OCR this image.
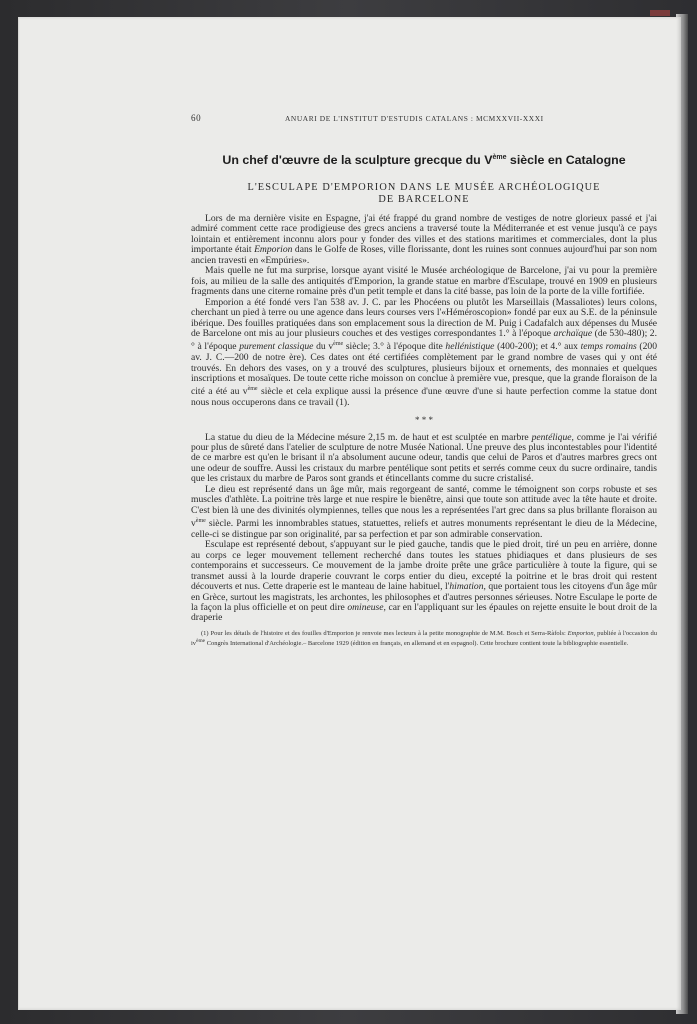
60	ANUARI DE L'INSTITUT D'ESTUDIS CATALANS : MCMXXVII-XXXI
Un chef d'œuvre de la sculpture grecque du Vème siècle en Catalogne
L'ESCULAPE D'EMPORION DANS LE MUSÉE ARCHÉOLOGIQUE
DE BARCELONE

Lors de ma dernière visite en Espagne, j'ai été frappé du grand nombre de vestiges de notre glorieux passé et j'ai admiré comment cette race prodigieuse des grecs anciens a traversé toute la Méditerranée et est venue jusqu'à ce pays lointain et entièrement inconnu alors pour y fonder des villes et des stations maritimes et commerciales, dont la plus importante était Emporion dans le Golfe de Roses, ville florissante, dont les ruines sont connues aujourd'hui par son nom ancien travesti en «Empúries».

Mais quelle ne fut ma surprise, lorsque ayant visité le Musée archéologique de Barcelone, j'ai vu pour la première fois, au milieu de la salle des antiquités d'Emporion, la grande statue en marbre d'Esculape, trouvé en 1909 en plusieurs fragments dans une citerne romaine près d'un petit temple et dans la cité basse, pas loin de la porte de la ville fortifiée.

Emporion a été fondé vers l'an 538 av. J. C. par les Phocéens ou plutôt les Marseillais (Massaliotes) leurs colons, cherchant un pied à terre ou une agence dans leurs courses vers l'«Héméroscopion» fondé par eux au S.E. de la péninsule ibérique. Des fouilles pratiquées dans son emplacement sous la direction de M. Puig i Cadafalch aux dépenses du Musée de Barcelone ont mis au jour plusieurs couches et des vestiges correspondantes 1.° à l'époque archaïque (de 530-480); 2.° à l'époque purement classique du $v^{ème}$ siècle; 3.° à l'époque dite hellénistique (400-200); et 4.° aux temps romains (200 av. J. C.—200 de notre ère). Ces dates ont été certifiées complètement par le grand nombre de vases qui y ont été trouvés. En dehors des vases, on y a trouvé des sculptures, plusieurs bijoux et ornements, des monnaies et quelques inscriptions et mosaïques. De toute cette riche moisson on conclue à première vue, presque, que la grande floraison de la cité a été au $v^{ème}$ siècle et cela explique aussi la présence d'une œuvre d'une si haute perfection comme la statue dont nous nous occuperons dans ce travail (1).

* * *

La statue du dieu de la Médecine mésure 2,15 m. de haut et est sculptée en marbre pentélique, comme je l'ai vérifié pour plus de sûreté dans l'atelier de sculpture de notre Musée National. Une preuve des plus incontestables pour l'identité de ce marbre est qu'en le brisant il n'a absolument aucune odeur, tandis que celui de Paros et d'autres marbres grecs ont une odeur de souffre. Aussi les cristaux du marbre pentélique sont petits et serrés comme ceux du sucre ordinaire, tandis que les cristaux du marbre de Paros sont grands et étincellants comme du sucre cristalisé.

Le dieu est représenté dans un âge mûr, mais regorgeant de santé, comme le témoignent son corps robuste et ses muscles d'athlète. La poitrine très large et nue respire le bienêtre, ainsi que toute son attitude avec la tête haute et droite. C'est bien là une des divinités olympiennes, telles que nous les a représentées l'art grec dans sa plus brillante floraison au $v^{ème}$ siècle. Parmi les innombrables statues, statuettes, reliefs et autres monuments représentant le dieu de la Médecine, celle-ci se distingue par son originalité, par sa perfection et par son admirable conservation.

Esculape est représenté debout, s'appuyant sur le pied gauche, tandis que le pied droit, tiré un peu en arrière, donne au corps ce leger mouvement tellement recherché dans toutes les statues phidiaques et dans plusieurs de ses contemporains et successeurs. Ce mouvement de la jambe droite prête une grâce particulière à toute la figure, qui se transmet aussi à la lourde draperie couvrant le corps entier du dieu, excepté la poitrine et le bras droit qui restent découverts et nus. Cette draperie est le manteau de laine habituel, l'himation, que portaient tous les citoyens d'un âge mûr en Grèce, surtout les magistrats, les archontes, les philosophes et d'autres personnes sérieuses. Notre Esculape le porte de la façon la plus officielle et on peut dire omineuse, car en l'appliquant sur les épaules on rejette ensuite le bout droit de la draperie

(1) Pour les détails de l'histoire et des fouilles d'Emporion je renvoie mes lecteurs à la petite monographie de M.M. Bosch et Serra-Ràfols: Emporion, publiée à l'occasion du $iv^{ème}$ Congrès International d'Archéologie.– Barcelone 1929 (édition en français, en allemand et en espagnol). Cette brochure contient toute la bibliographie essentielle.
